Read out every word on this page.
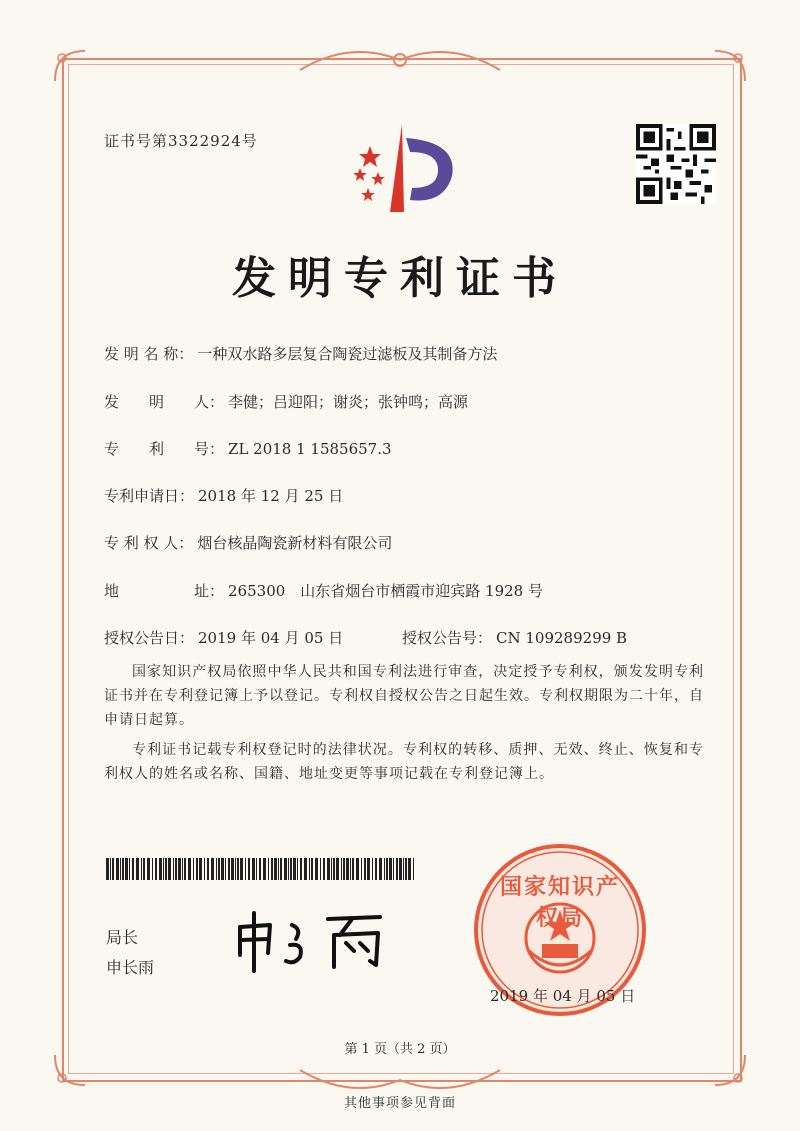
证书号第3322924号
发明专利证书
发 明 名 称： 一种双水路多层复合陶瓷过滤板及其制备方法
发　　明　　人： 李健；吕迎阳；谢炎；张钟鸣；高源
专　　利　　号： ZL 2018 1 1585657.3
专利申请日： 2018 年 12 月 25 日
专 利 权 人： 烟台核晶陶瓷新材料有限公司
地　　　　　址： 265300　山东省烟台市栖霞市迎宾路 1928 号
授权公告日： 2019 年 04 月 05 日	授权公告号： CN 109289299 B

国家知识产权局依照中华人民共和国专利法进行审查，决定授予专利权，颁发发明专利证书并在专利登记簿上予以登记。专利权自授权公告之日起生效。专利权期限为二十年，自申请日起算。

专利证书记载专利权登记时的法律状况。专利权的转移、质押、无效、终止、恢复和专利权人的姓名或名称、国籍、地址变更等事项记载在专利登记簿上。

局长
申长雨
国家知识产权局
2019 年 04 月 05 日
第 1 页（共 2 页）
其他事项参见背面
